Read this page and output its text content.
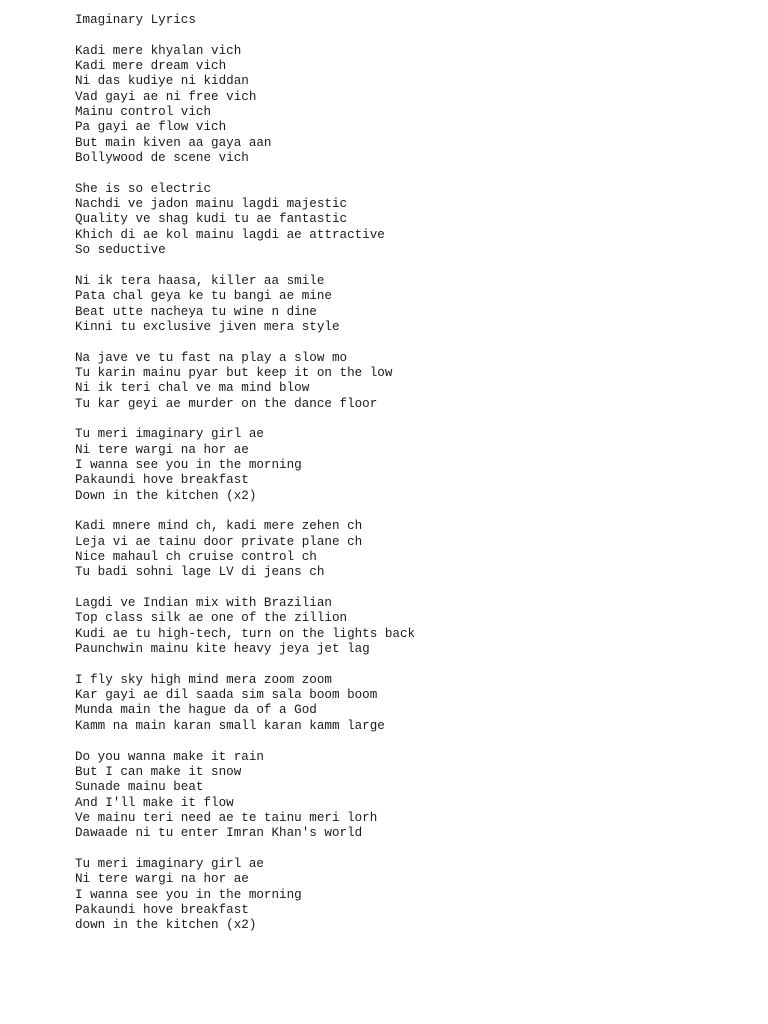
Imaginary Lyrics
Kadi mere khyalan vich
Kadi mere dream vich
Ni das kudiye ni kiddan
Vad gayi ae ni free vich
Mainu control vich
Pa gayi ae flow vich
But main kiven aa gaya aan
Bollywood de scene vich
She is so electric
Nachdi ve jadon mainu lagdi majestic
Quality ve shag kudi tu ae fantastic
Khich di ae kol mainu lagdi ae attractive
So seductive
Ni ik tera haasa, killer aa smile
Pata chal geya ke tu bangi ae mine
Beat utte nacheya tu wine n dine
Kinni tu exclusive jiven mera style
Na jave ve tu fast na play a slow mo
Tu karin mainu pyar but keep it on the low
Ni ik teri chal ve ma mind blow
Tu kar geyi ae murder on the dance floor
Tu meri imaginary girl ae
Ni tere wargi na hor ae
I wanna see you in the morning
Pakaundi hove breakfast
Down in the kitchen (x2)
Kadi mnere mind ch, kadi mere zehen ch
Leja vi ae tainu door private plane ch
Nice mahaul ch cruise control ch
Tu badi sohni lage LV di jeans ch
Lagdi ve Indian mix with Brazilian
Top class silk ae one of the zillion
Kudi ae tu high-tech, turn on the lights back
Paunchwin mainu kite heavy jeya jet lag
I fly sky high mind mera zoom zoom
Kar gayi ae dil saada sim sala boom boom
Munda main the hague da of a God
Kamm na main karan small karan kamm large
Do you wanna make it rain
But I can make it snow
Sunade mainu beat
And I'll make it flow
Ve mainu teri need ae te tainu meri lorh
Dawaade ni tu enter Imran Khan's world
Tu meri imaginary girl ae
Ni tere wargi na hor ae
I wanna see you in the morning
Pakaundi hove breakfast
down in the kitchen (x2)
